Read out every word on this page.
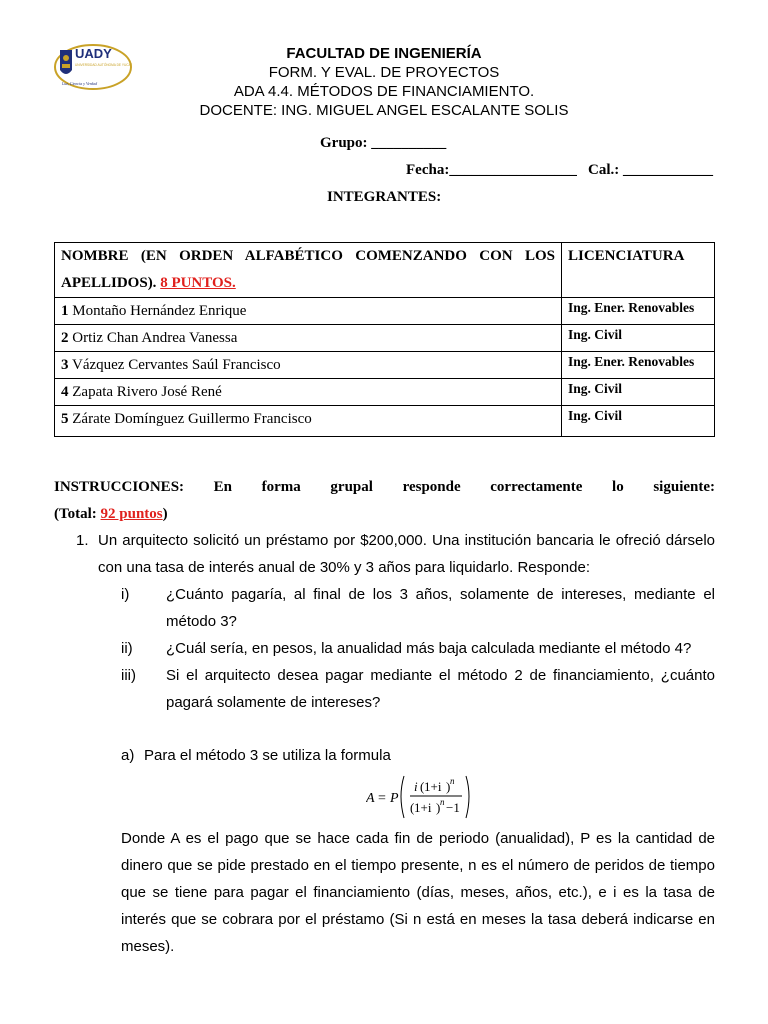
UADY
UNIVERSIDAD AUTÓNOMA DE YUCATÁN
Luz, Ciencia y Verdad
FACULTAD DE INGENIERÍA
FORM. Y EVAL. DE PROYECTOS
ADA 4.4. MÉTODOS DE FINANCIAMIENTO.
DOCENTE: ING. MIGUEL ANGEL ESCALANTE SOLIS
Grupo: __________
Fecha:_________________ Cal.: ____________
INTEGRANTES:
NOMBRE (EN ORDEN ALFABÉTICO COMENZANDO CON LOS
APELLIDOS). 8 PUNTOS.	LICENCIATURA
1 Montaño Hernández Enrique	Ing. Ener. Renovables
2 Ortiz Chan Andrea Vanessa	Ing. Civil
3 Vázquez Cervantes Saúl Francisco	Ing. Ener. Renovables
4 Zapata Rivero José René	Ing. Civil
5 Zárate Domínguez Guillermo Francisco	Ing. Civil
INSTRUCCIONES: En forma grupal responde correctamente lo siguiente:
(Total: 92 puntos)
1. Un arquitecto solicitó un préstamo por $200,000. Una institución bancaria le ofreció dárselo
con una tasa de interés anual de 30% y 3 años para liquidarlo. Responde:
i) ¿Cuánto pagaría, al final de los 3 años, solamente de intereses, mediante el
método 3?
ii) ¿Cuál sería, en pesos, la anualidad más baja calculada mediante el método 4?
iii) Si el arquitecto desea pagar mediante el método 2 de financiamiento, ¿cuánto
pagará solamente de intereses?
a) Para el método 3 se utiliza la formula
A = P
i ( 1+i ) n
( 1+i ) n −1
Donde A es el pago que se hace cada fin de periodo (anualidad), P es la cantidad de
dinero que se pide prestado en el tiempo presente, n es el número de peridos de tiempo
que se tiene para pagar el financiamiento (días, meses, años, etc.), e i es la tasa de
interés que se cobrara por el préstamo (Si n está en meses la tasa deberá indicarse en
meses).
